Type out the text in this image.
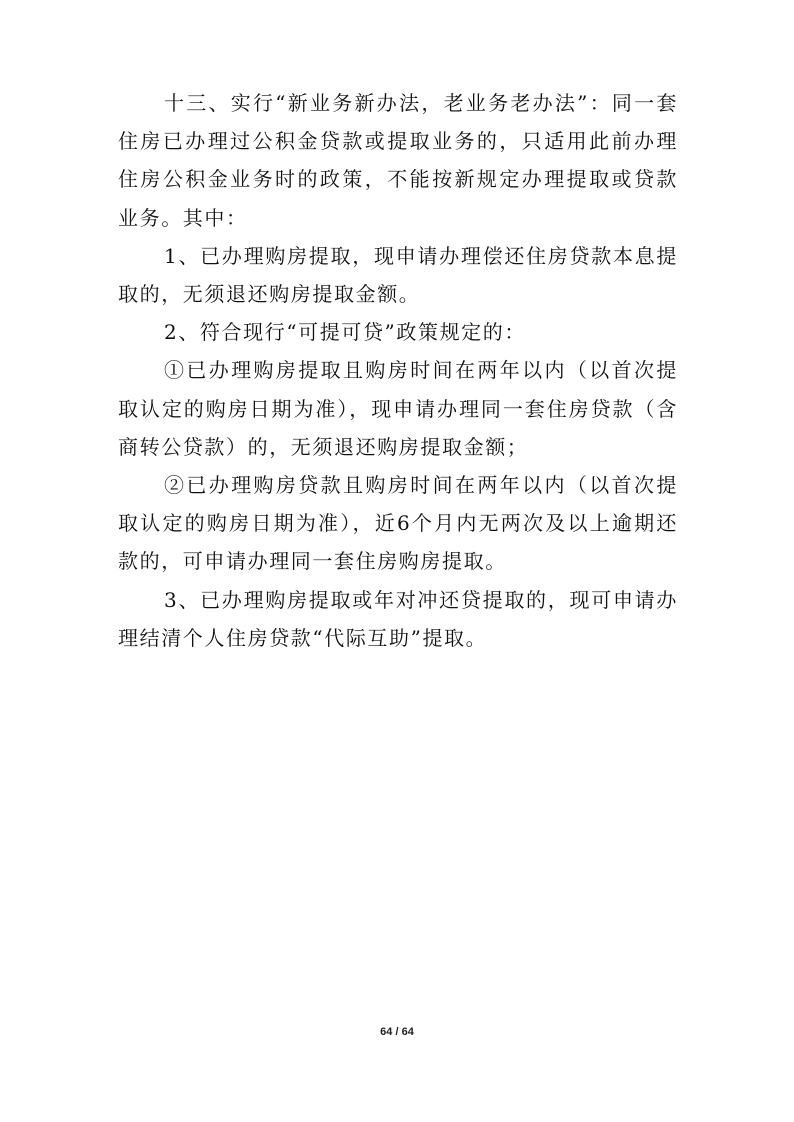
十三、实行“新业务新办法，老业务老办法”：同一套住房已办理过公积金贷款或提取业务的，只适用此前办理住房公积金业务时的政策，不能按新规定办理提取或贷款业务。其中：

1、已办理购房提取，现申请办理偿还住房贷款本息提取的，无须退还购房提取金额。

2、符合现行“可提可贷”政策规定的：

①已办理购房提取且购房时间在两年以内（以首次提取认定的购房日期为准），现申请办理同一套住房贷款（含商转公贷款）的，无须退还购房提取金额；

②已办理购房贷款且购房时间在两年以内（以首次提取认定的购房日期为准），近6个月内无两次及以上逾期还款的，可申请办理同一套住房购房提取。

3、已办理购房提取或年对冲还贷提取的，现可申请办理结清个人住房贷款“代际互助”提取。

64 / 64
